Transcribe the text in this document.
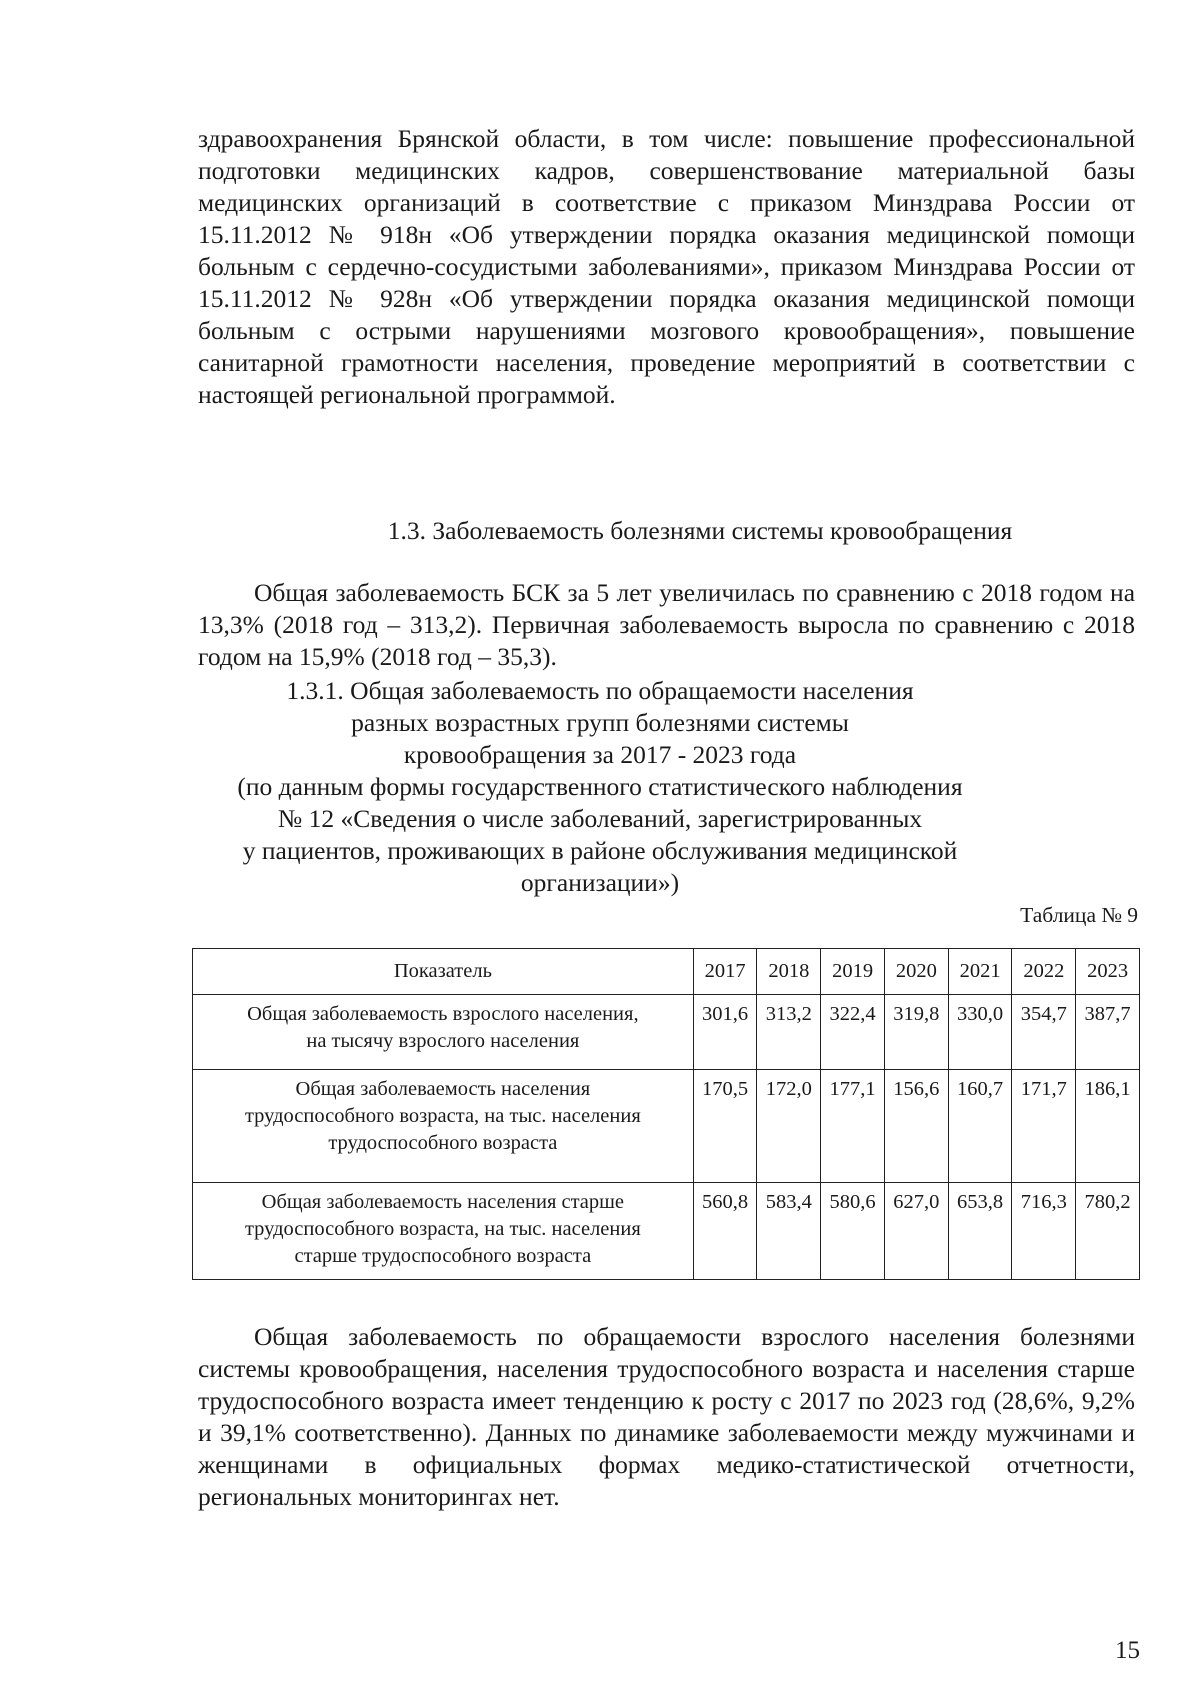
здравоохранения Брянской области, в том числе: повышение профессиональной подготовки медицинских кадров, совершенствование материальной базы медицинских организаций в соответствие с приказом Минздрава России от 15.11.2012 № 918н «Об утверждении порядка оказания медицинской помощи больным с сердечно-сосудистыми заболеваниями», приказом Минздрава России от 15.11.2012 № 928н «Об утверждении порядка оказания медицинской помощи больным с острыми нарушениями мозгового кровообращения», повышение санитарной грамотности населения, проведение мероприятий в соответствии с настоящей региональной программой.

1.3. Заболеваемость болезнями системы кровообращения

Общая заболеваемость БСК за 5 лет увеличилась по сравнению с 2018 годом на 13,3% (2018 год – 313,2). Первичная заболеваемость выросла по сравнению с 2018 годом на 15,9% (2018 год – 35,3).
1.3.1. Общая заболеваемость по обращаемости населения
разных возрастных групп болезнями системы
кровообращения за 2017 - 2023 года
(по данным формы государственного статистического наблюдения
№ 12 «Сведения о числе заболеваний, зарегистрированных
у пациентов, проживающих в районе обслуживания медицинской
организации»)
Таблица № 9
Показатель	2017	2018	2019	2020	2021	2022	2023

Общая заболеваемость взрослого населения,
на тысячу взрослого населения	301,6	313,2	322,4	319,8	330,0	354,7	387,7

Общая заболеваемость населения
трудоспособного возраста, на тыс. населения
трудоспособного возраста	170,5	172,0	177,1	156,6	160,7	171,7	186,1

Общая заболеваемость населения старше
трудоспособного возраста, на тыс. населения
старше трудоспособного возраста	560,8	583,4	580,6	627,0	653,8	716,3	780,2
Общая заболеваемость по обращаемости взрослого населения болезнями системы кровообращения, населения трудоспособного возраста и населения старше трудоспособного возраста имеет тенденцию к росту с 2017 по 2023 год (28,6%, 9,2% и 39,1% соответственно). Данных по динамике заболеваемости между мужчинами и женщинами в официальных формах медико-статистической отчетности, региональных мониторингах нет.
15
